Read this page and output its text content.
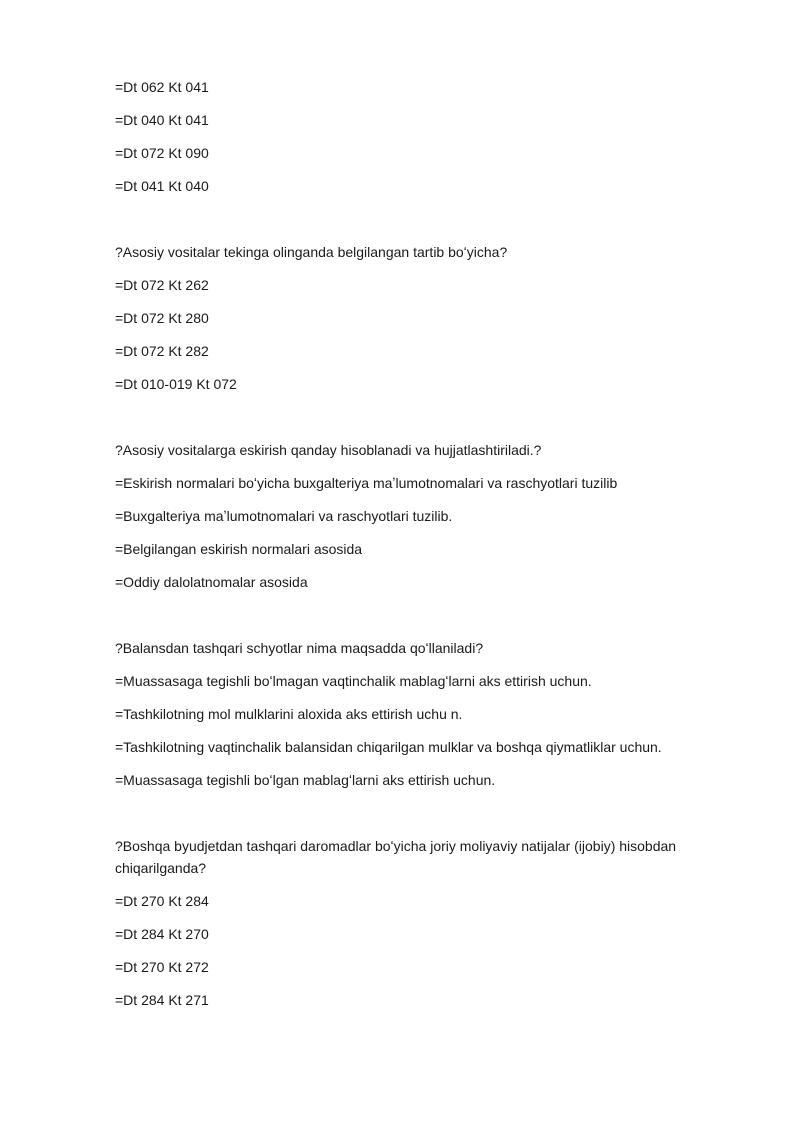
=Dt 062 Kt 041
=Dt 040 Kt 041
=Dt 072 Kt 090
=Dt 041 Kt 040
?Asosiy vositalar tekinga olinganda belgilangan tartib boʻyicha?
=Dt 072 Kt 262
=Dt 072 Kt 280
=Dt 072 Kt 282
=Dt 010-019 Kt 072
?Asosiy vositalarga eskirish qanday hisoblanadi va hujjatlashtiriladi.?
=Eskirish normalari boʻyicha buxgalteriya maʼlumotnomalari va raschyotlari tuzilib
=Buxgalteriya maʼlumotnomalari va raschyotlari tuzilib.
=Belgilangan eskirish normalari asosida
=Oddiy dalolatnomalar asosida
?Balansdan tashqari schyotlar nima maqsadda qoʻllaniladi?
=Muassasaga tegishli boʻlmagan vaqtinchalik mablagʻlarni aks ettirish uchun.
=Tashkilotning mol mulklarini aloxida aks ettirish uchu n.
=Tashkilotning vaqtinchalik balansidan chiqarilgan mulklar va boshqa qiymatliklar uchun.
=Muassasaga tegishli boʻlgan mablagʻlarni aks ettirish uchun.
?Boshqa byudjetdan tashqari daromadlar boʻyicha joriy moliyaviy natijalar (ijobiy) hisobdan chiqarilganda?
=Dt 270 Kt 284
=Dt 284 Kt 270
=Dt 270 Kt 272
=Dt 284 Kt 271
